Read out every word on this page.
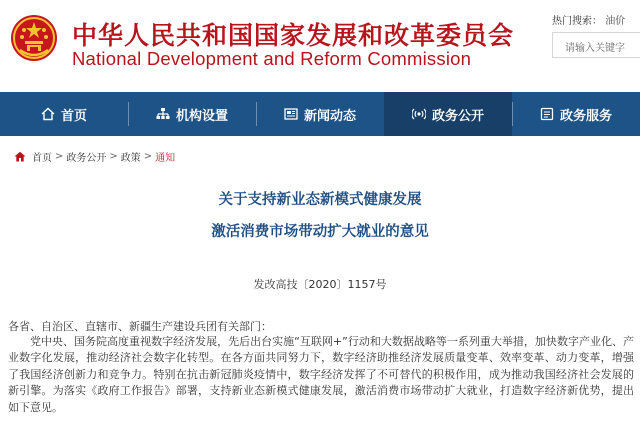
中华人民共和国国家发展和改革委员会
National Development and Reform Commission
热门搜索： 油价
请输入关键字
首页	机构设置	新闻动态	政务公开	政务服务
首页 > 政务公开 > 政策 > 通知
关于支持新业态新模式健康发展
激活消费市场带动扩大就业的意见
发改高技〔2020〕1157号
各省、自治区、直辖市、新疆生产建设兵团有关部门：
党中央、国务院高度重视数字经济发展，先后出台实施“互联网+”行动和大数据战略等一系列重大举措，加快数字产业化、产业数字化发展，推动经济社会数字化转型。在各方面共同努力下，数字经济助推经济发展质量变革、效率变革、动力变革，增强了我国经济创新力和竞争力。特别在抗击新冠肺炎疫情中，数字经济发挥了不可替代的积极作用，成为推动我国经济社会发展的新引擎。为落实《政府工作报告》部署，支持新业态新模式健康发展，激活消费市场带动扩大就业，打造数字经济新优势，提出如下意见。
